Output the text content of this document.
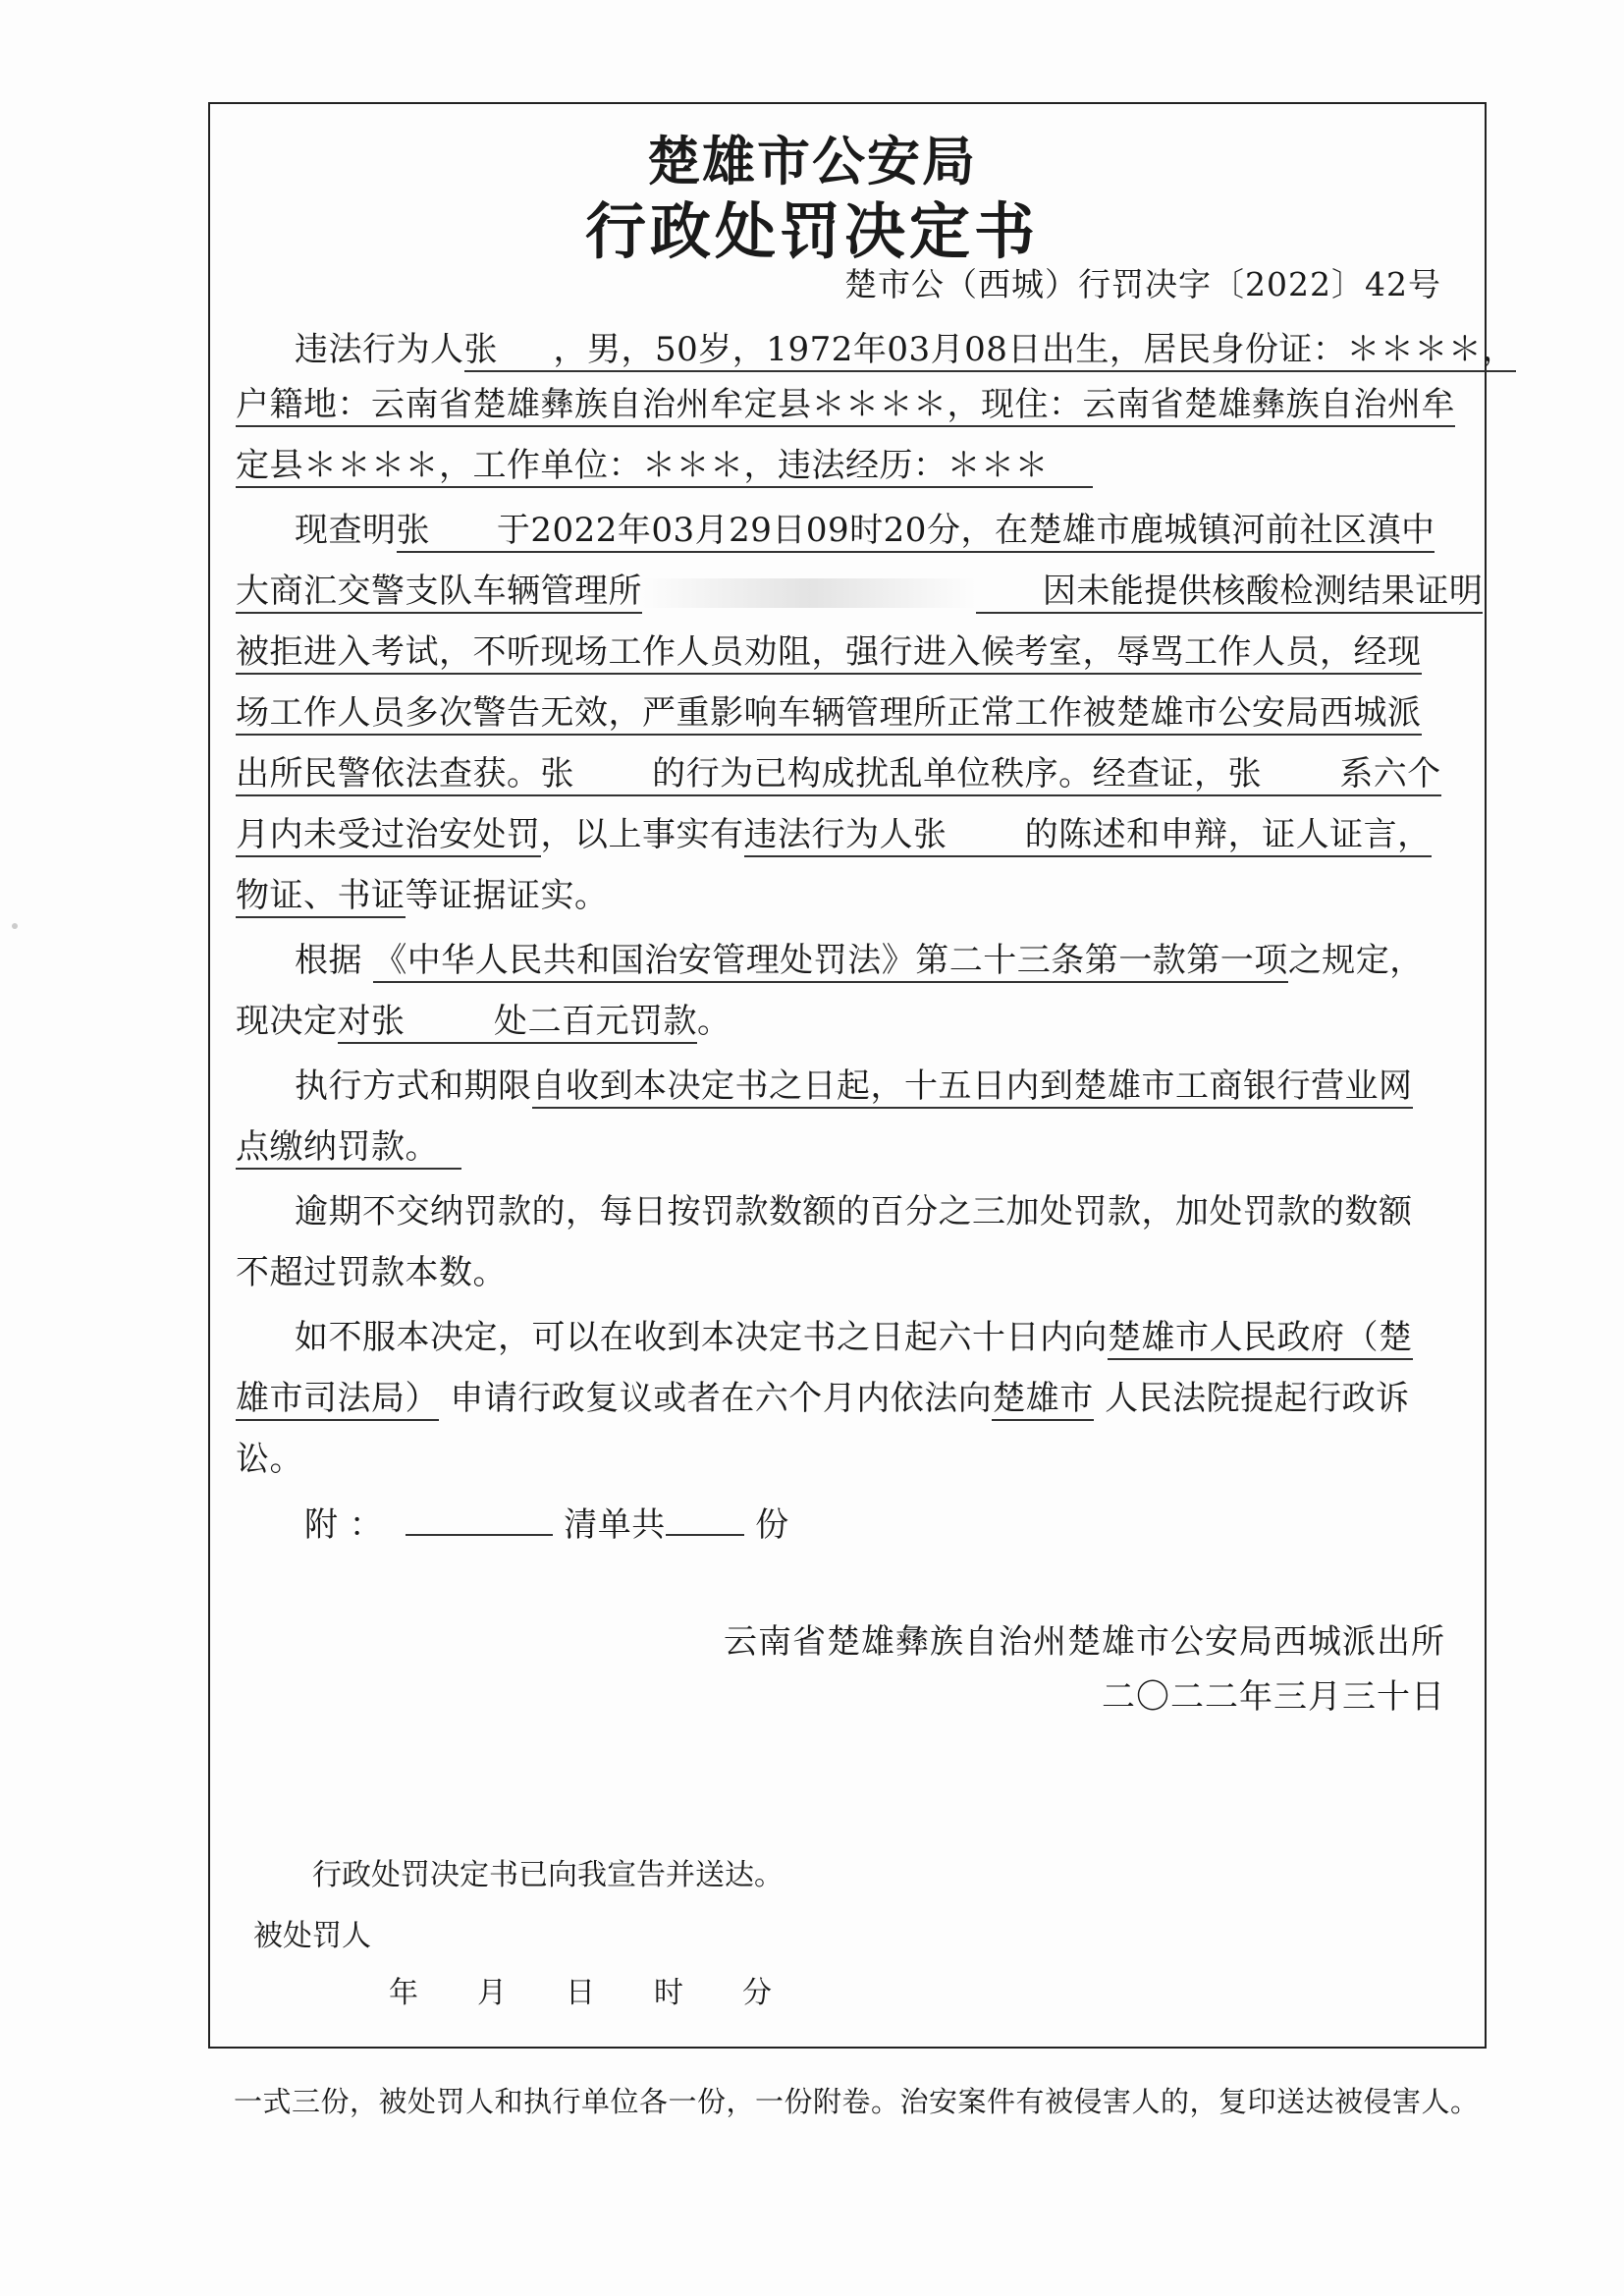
楚雄市公安局
行政处罚决定书
楚市公（西城）行罚决字〔2022〕42号
违法行为人张 ，男，50岁，1972年03月08日出生，居民身份证：＊＊＊＊，
户籍地：云南省楚雄彝族自治州牟定县＊＊＊＊，现住：云南省楚雄彝族自治州牟
定县＊＊＊＊，工作单位：＊＊＊，违法经历：＊＊＊
现查明张 于2022年03月29日09时20分，在楚雄市鹿城镇河前社区滇中
大商汇交警支队车辆管理所	因未能提供核酸检测结果证明
被拒进入考试，不听现场工作人员劝阻，强行进入候考室，辱骂工作人员，经现
场工作人员多次警告无效，严重影响车辆管理所正常工作被楚雄市公安局西城派
出所民警依法查获。张 的行为已构成扰乱单位秩序。经查证，张 系六个
月内未受过治安处罚，以上事实有违法行为人张 的陈述和申辩，证人证言，
物证、书证等证据证实。
根据 《中华人民共和国治安管理处罚法》第二十三条第一款第一项之规定，
现决定对张	处二百元罚款。
执行方式和期限自收到本决定书之日起，十五日内到楚雄市工商银行营业网
点缴纳罚款。
逾期不交纳罚款的，每日按罚款数额的百分之三加处罚款，加处罚款的数额
不超过罚款本数。
如不服本决定，可以在收到本决定书之日起六十日内向楚雄市人民政府（楚
雄市司法局） 申请行政复议或者在六个月内依法向楚雄市 人民法院提起行政诉
讼。
附 ：	清单共	份
云南省楚雄彝族自治州楚雄市公安局西城派出所
二〇二二年三月三十日
行政处罚决定书已向我宣告并送达。
被处罚人
年　　月　　日　　时　　分
一式三份，被处罚人和执行单位各一份，一份附卷。治安案件有被侵害人的，复印送达被侵害人。
